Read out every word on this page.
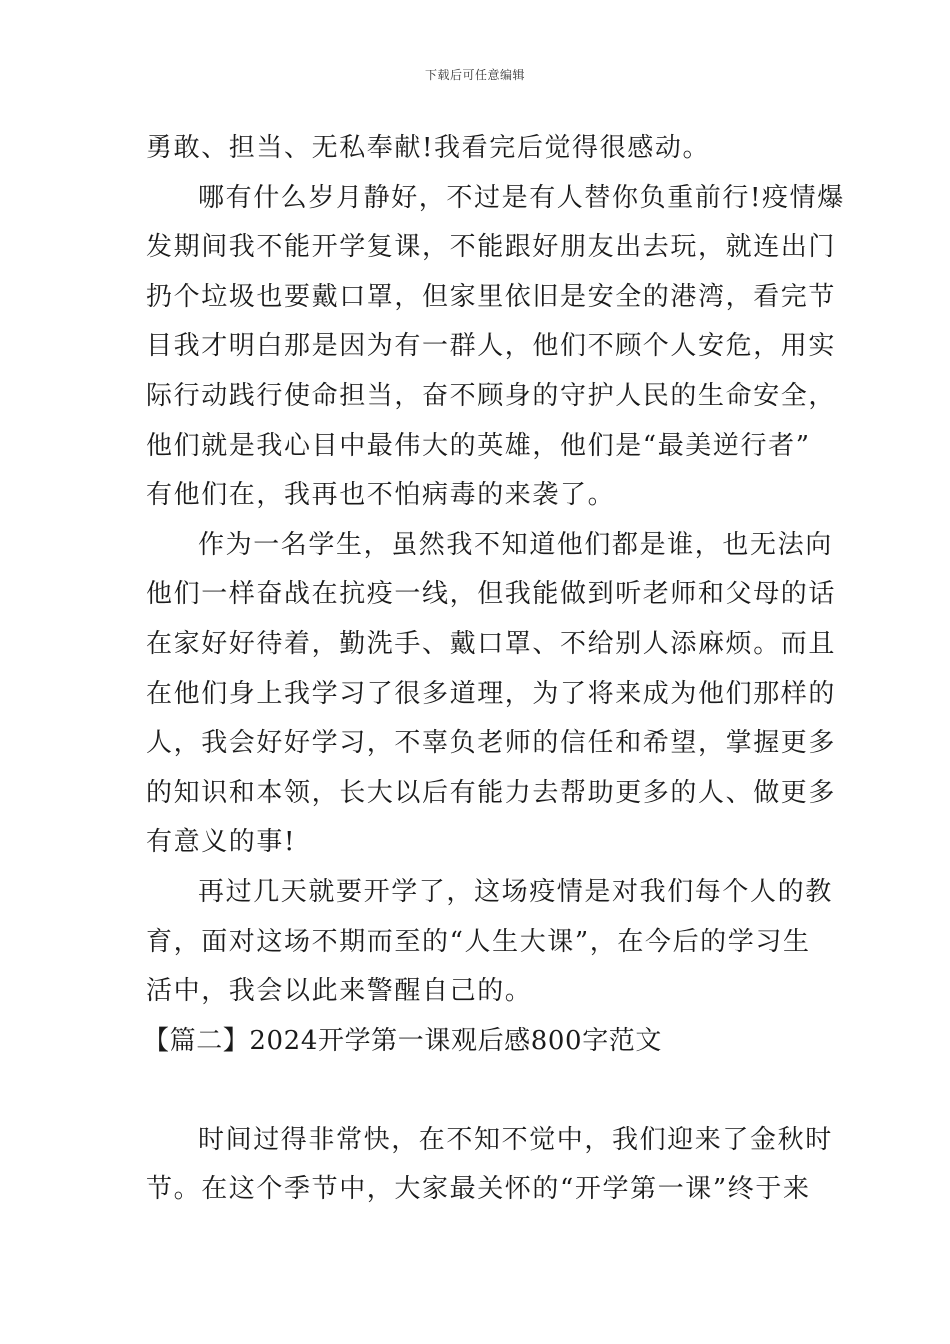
下载后可任意编辑
勇敢、担当、无私奉献!我看完后觉得很感动。
哪有什么岁月静好，不过是有人替你负重前行!疫情爆
发期间我不能开学复课，不能跟好朋友出去玩，就连出门
扔个垃圾也要戴口罩，但家里依旧是安全的港湾，看完节
目我才明白那是因为有一群人，他们不顾个人安危，用实
际行动践行使命担当，奋不顾身的守护人民的生命安全，
他们就是我心目中最伟大的英雄，他们是“最美逆行者”
有他们在，我再也不怕病毒的来袭了。
作为一名学生，虽然我不知道他们都是谁，也无法向
他们一样奋战在抗疫一线，但我能做到听老师和父母的话
在家好好待着，勤洗手、戴口罩、不给别人添麻烦。而且
在他们身上我学习了很多道理，为了将来成为他们那样的
人，我会好好学习，不辜负老师的信任和希望，掌握更多
的知识和本领，长大以后有能力去帮助更多的人、做更多
有意义的事!
再过几天就要开学了，这场疫情是对我们每个人的教
育，面对这场不期而至的“人生大课”，在今后的学习生
活中，我会以此来警醒自己的。
【篇二】2024开学第一课观后感800字范文
时间过得非常快，在不知不觉中，我们迎来了金秋时
节。在这个季节中，大家最关怀的“开学第一课”终于来
